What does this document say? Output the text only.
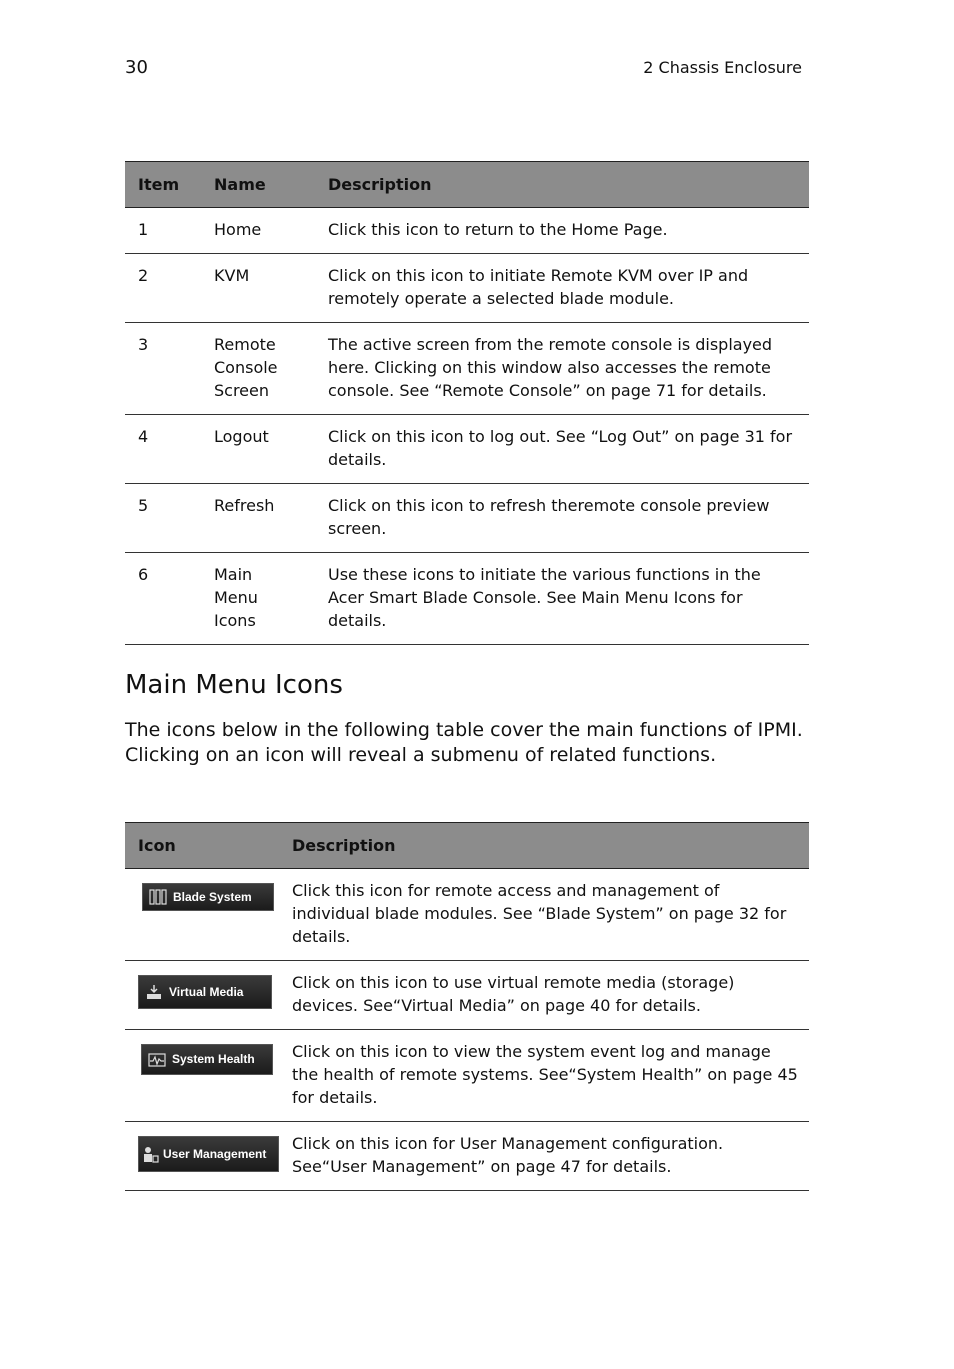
30	2 Chassis Enclosure
Item	Name	Description
1	Home	Click this icon to return to the Home Page.
2	KVM	Click on this icon to initiate Remote KVM over IP and remotely operate a selected blade module.
3	Remote Console Screen	The active screen from the remote console is displayed here. Clicking on this window also accesses the remote console. See “Remote Console” on page 71 for details.
4	Logout	Click on this icon to log out. See “Log Out” on page 31 for details.
5	Refresh	Click on this icon to refresh theremote console preview screen.
6	Main Menu Icons	Use these icons to initiate the various functions in the Acer Smart Blade Console. See Main Menu Icons for details.
Main Menu Icons

The icons below in the following table cover the main functions of IPMI. Clicking on an icon will reveal a submenu of related functions.

Icon	Description

Blade System	Click this icon for remote access and management of individual blade modules. See “Blade System” on page 32 for details.

Virtual Media	Click on this icon to use virtual remote media (storage) devices. See“Virtual Media” on page 40 for details.

System Health	Click on this icon to view the system event log and manage the health of remote systems. See“System Health” on page 45 for details.

User Management	Click on this icon for User Management configuration. See“User Management” on page 47 for details.
